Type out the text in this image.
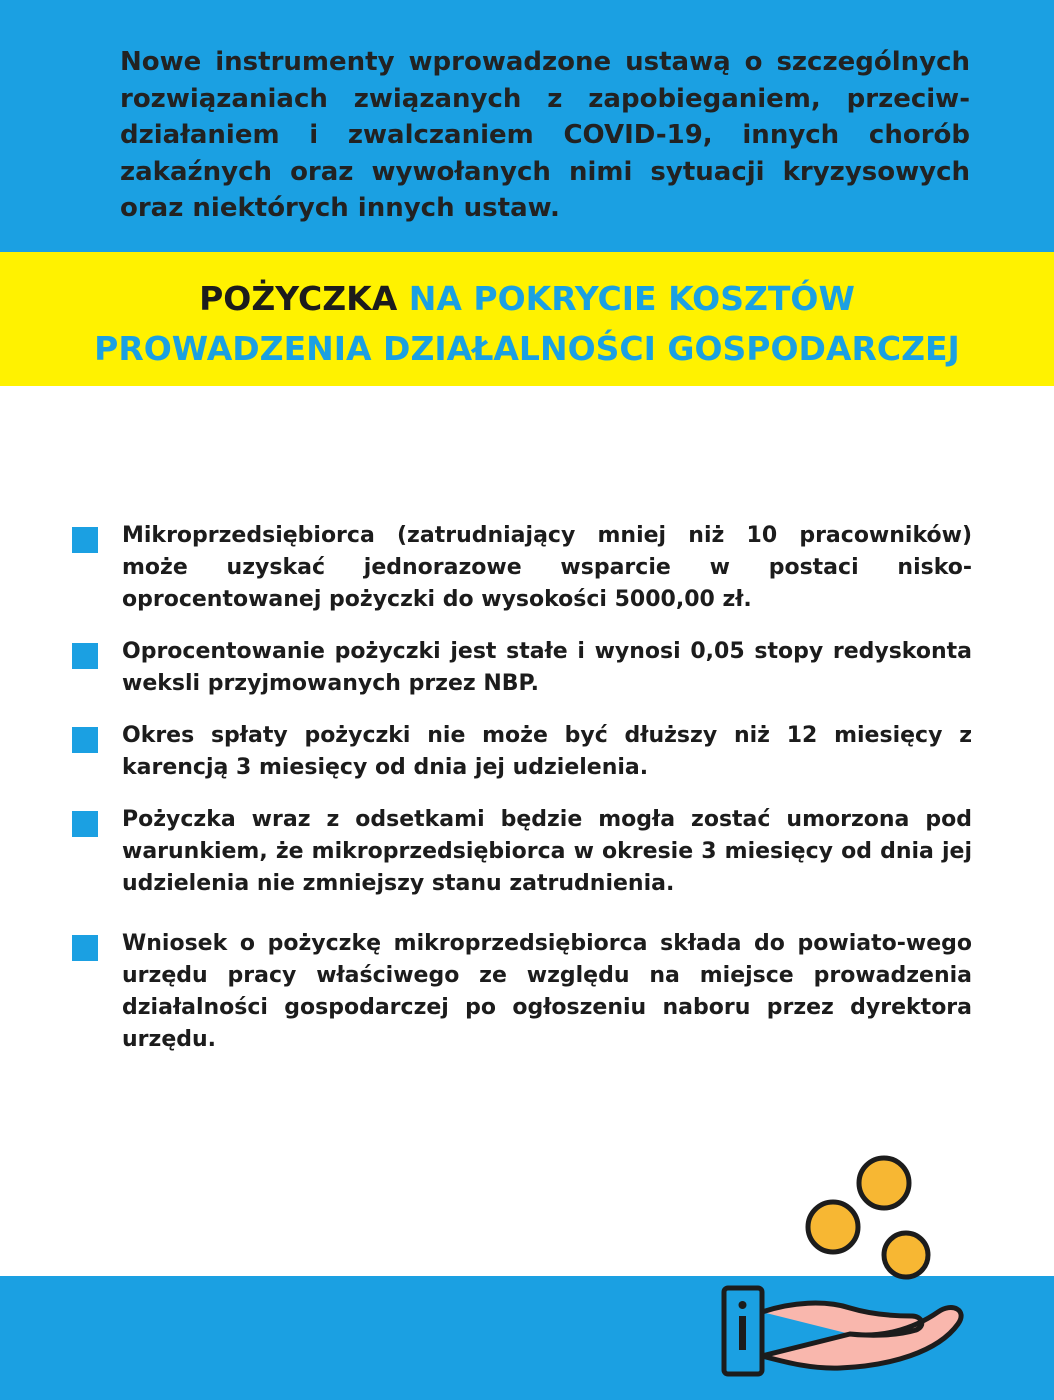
Nowe instrumenty wprowadzone ustawą o szczególnych rozwiązaniach związanych z zapobieganiem, przeciw-działaniem i zwalczaniem COVID-19, innych chorób zakaźnych oraz wywołanych nimi sytuacji kryzysowych oraz niektórych innych ustaw.

POŻYCZKA NA POKRYCIE KOSZTÓW
PROWADZENIA DZIAŁALNOŚCI GOSPODARCZEJ
Mikroprzedsiębiorca (zatrudniający mniej niż 10 pracowników) może uzyskać jednorazowe wsparcie w postaci nisko-oprocentowanej pożyczki do wysokości 5000,00 zł.
Oprocentowanie pożyczki jest stałe i wynosi 0,05 stopy redyskonta weksli przyjmowanych przez NBP.
Okres spłaty pożyczki nie może być dłuższy niż 12 miesięcy z karencją 3 miesięcy od dnia jej udzielenia.
Pożyczka wraz z odsetkami będzie mogła zostać umorzona pod warunkiem, że mikroprzedsiębiorca w okresie 3 miesięcy od dnia jej udzielenia nie zmniejszy stanu zatrudnienia.
Wniosek o pożyczkę mikroprzedsiębiorca składa do powiato-wego urzędu pracy właściwego ze względu na miejsce prowadzenia działalności gospodarczej po ogłoszeniu naboru przez dyrektora urzędu.
